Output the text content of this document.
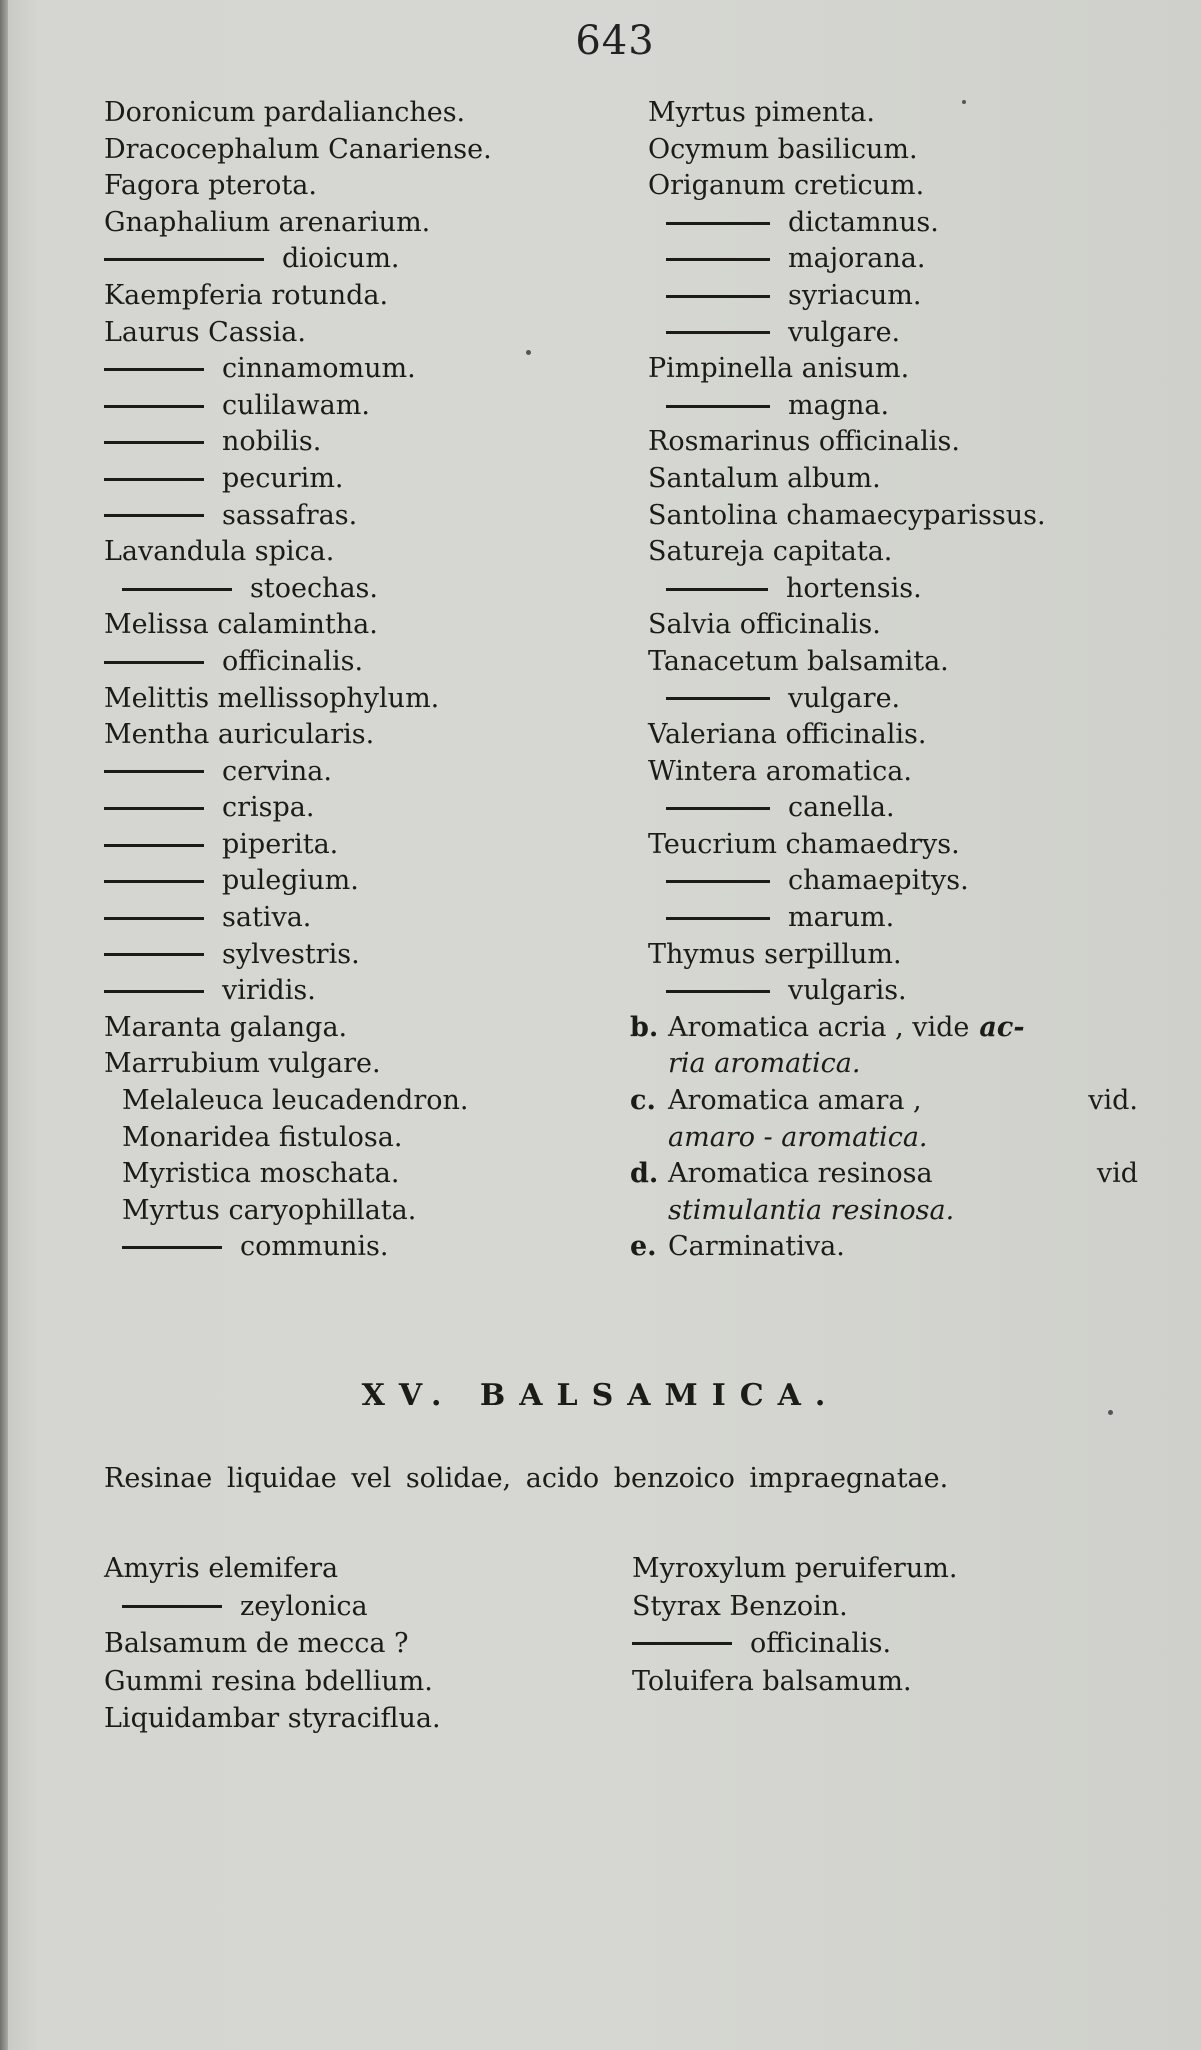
643
Doronicum pardalianches.
Dracocephalum Canariense.
Fagora pterota.
Gnaphalium arenarium.
dioicum.
Kaempferia rotunda.
Laurus Cassia.
cinnamomum.
culilawam.
nobilis.
pecurim.
sassafras.
Lavandula spica.
stoechas.
Melissa calamintha.
officinalis.
Melittis mellissophylum.
Mentha auricularis.
cervina.
crispa.
piperita.
pulegium.
sativa.
sylvestris.
viridis.
Maranta galanga.
Marrubium vulgare.
Melaleuca leucadendron.
Monaridea fistulosa.
Myristica moschata.
Myrtus caryophillata.
communis.
Myrtus pimenta.
Ocymum basilicum.
Origanum creticum.
dictamnus.
majorana.
syriacum.
vulgare.
Pimpinella anisum.
magna.
Rosmarinus officinalis.
Santalum album.
Santolina chamaecyparissus.
Satureja capitata.
hortensis.
Salvia officinalis.
Tanacetum balsamita.
vulgare.
Valeriana officinalis.
Wintera aromatica.
canella.
Teucrium chamaedrys.
chamaepitys.
marum.
Thymus serpillum.
vulgaris.
b. Aromatica acria , vide ac-
ria aromatica.
c. Aromatica amara ,	vid.
amaro - aromatica.
d. Aromatica resinosa	vid
stimulantia resinosa.
e. Carminativa.
XV. BALSAMICA.
Resinae liquidae vel solidae, acido benzoico impraegnatae.
Amyris elemifera
zeylonica
Balsamum de mecca ?
Gummi resina bdellium.
Liquidambar styraciflua.
Myroxylum peruiferum.
Styrax Benzoin.
officinalis.
Toluifera balsamum.
